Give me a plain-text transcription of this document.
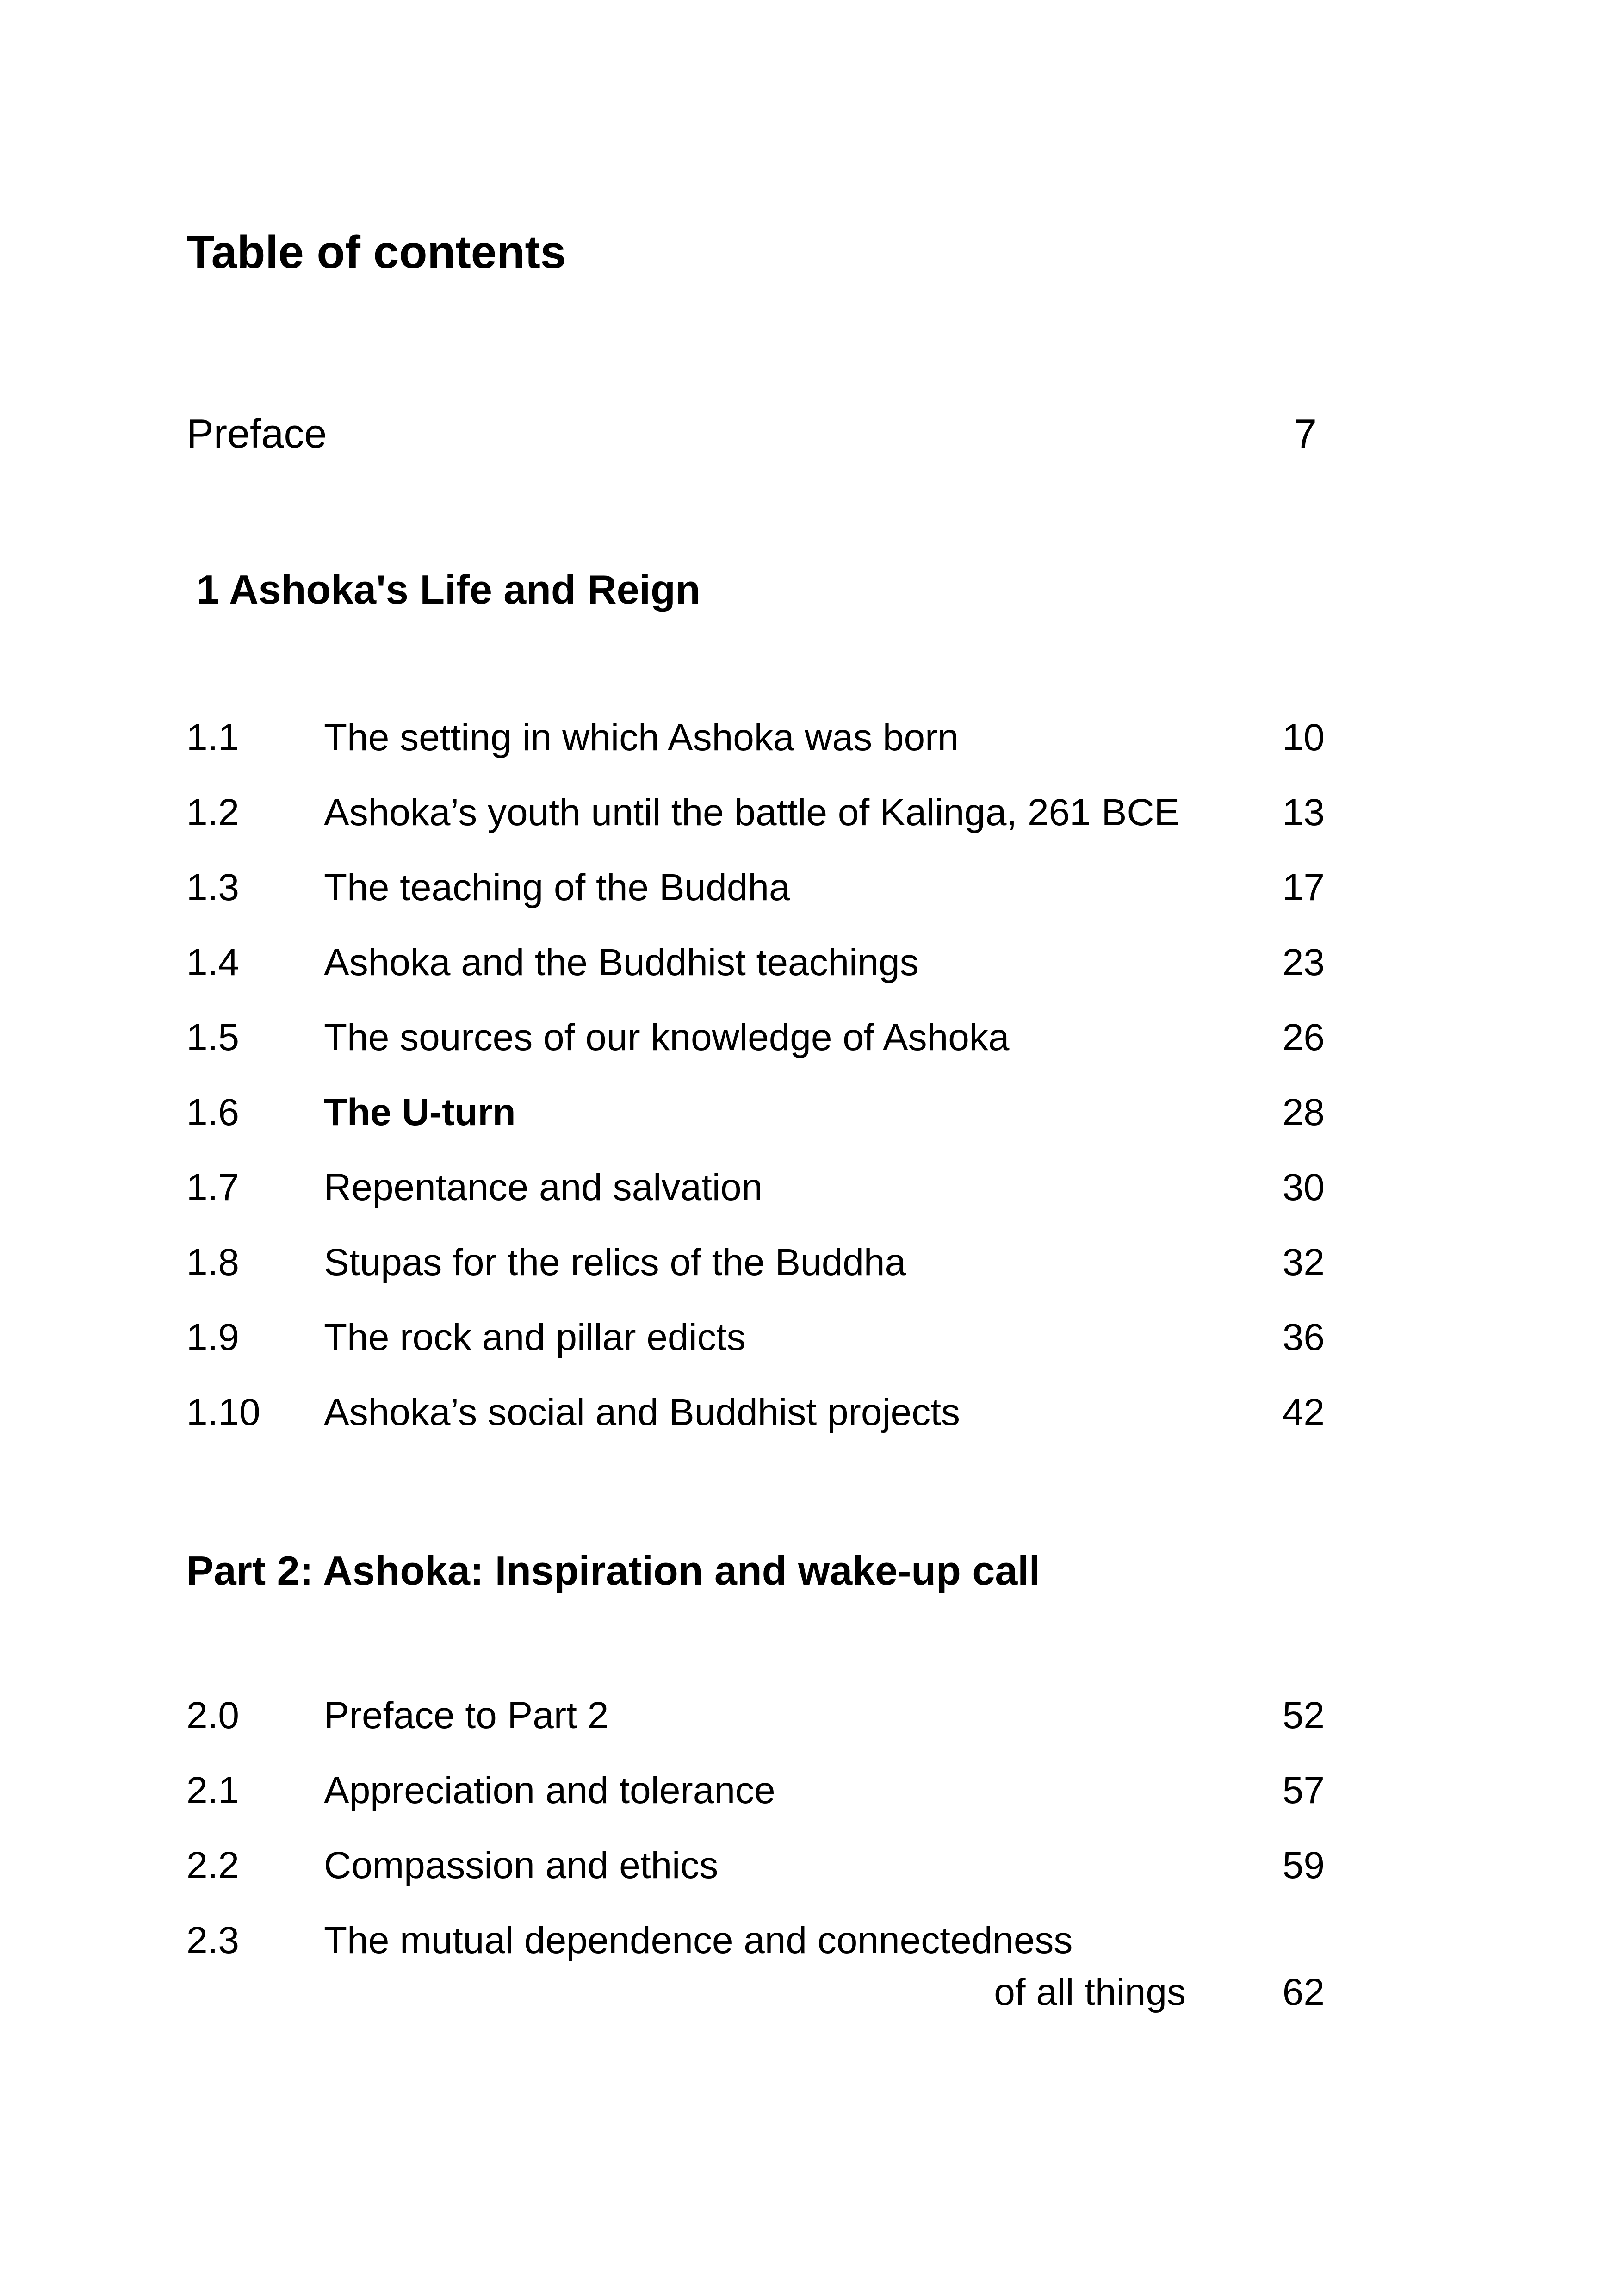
Table of contents
Preface	7
1 Ashoka's Life and Reign
1.1 The setting in which Ashoka was born	10
1.2 Ashoka’s youth until the battle of Kalinga, 261 BCE	13
1.3 The teaching of the Buddha	17
1.4 Ashoka and the Buddhist teachings	23
1.5 The sources of our knowledge of Ashoka	26
1.6 The U-turn	28
1.7 Repentance and salvation	30
1.8 Stupas for the relics of the Buddha	32
1.9 The rock and pillar edicts	36
1.10 Ashoka’s social and Buddhist projects	42
Part 2: Ashoka: Inspiration and wake-up call
2.0 Preface to Part 2	52
2.1 Appreciation and tolerance	57
2.2 Compassion and ethics	59
2.3 The mutual dependence and connectedness
of all things	62
